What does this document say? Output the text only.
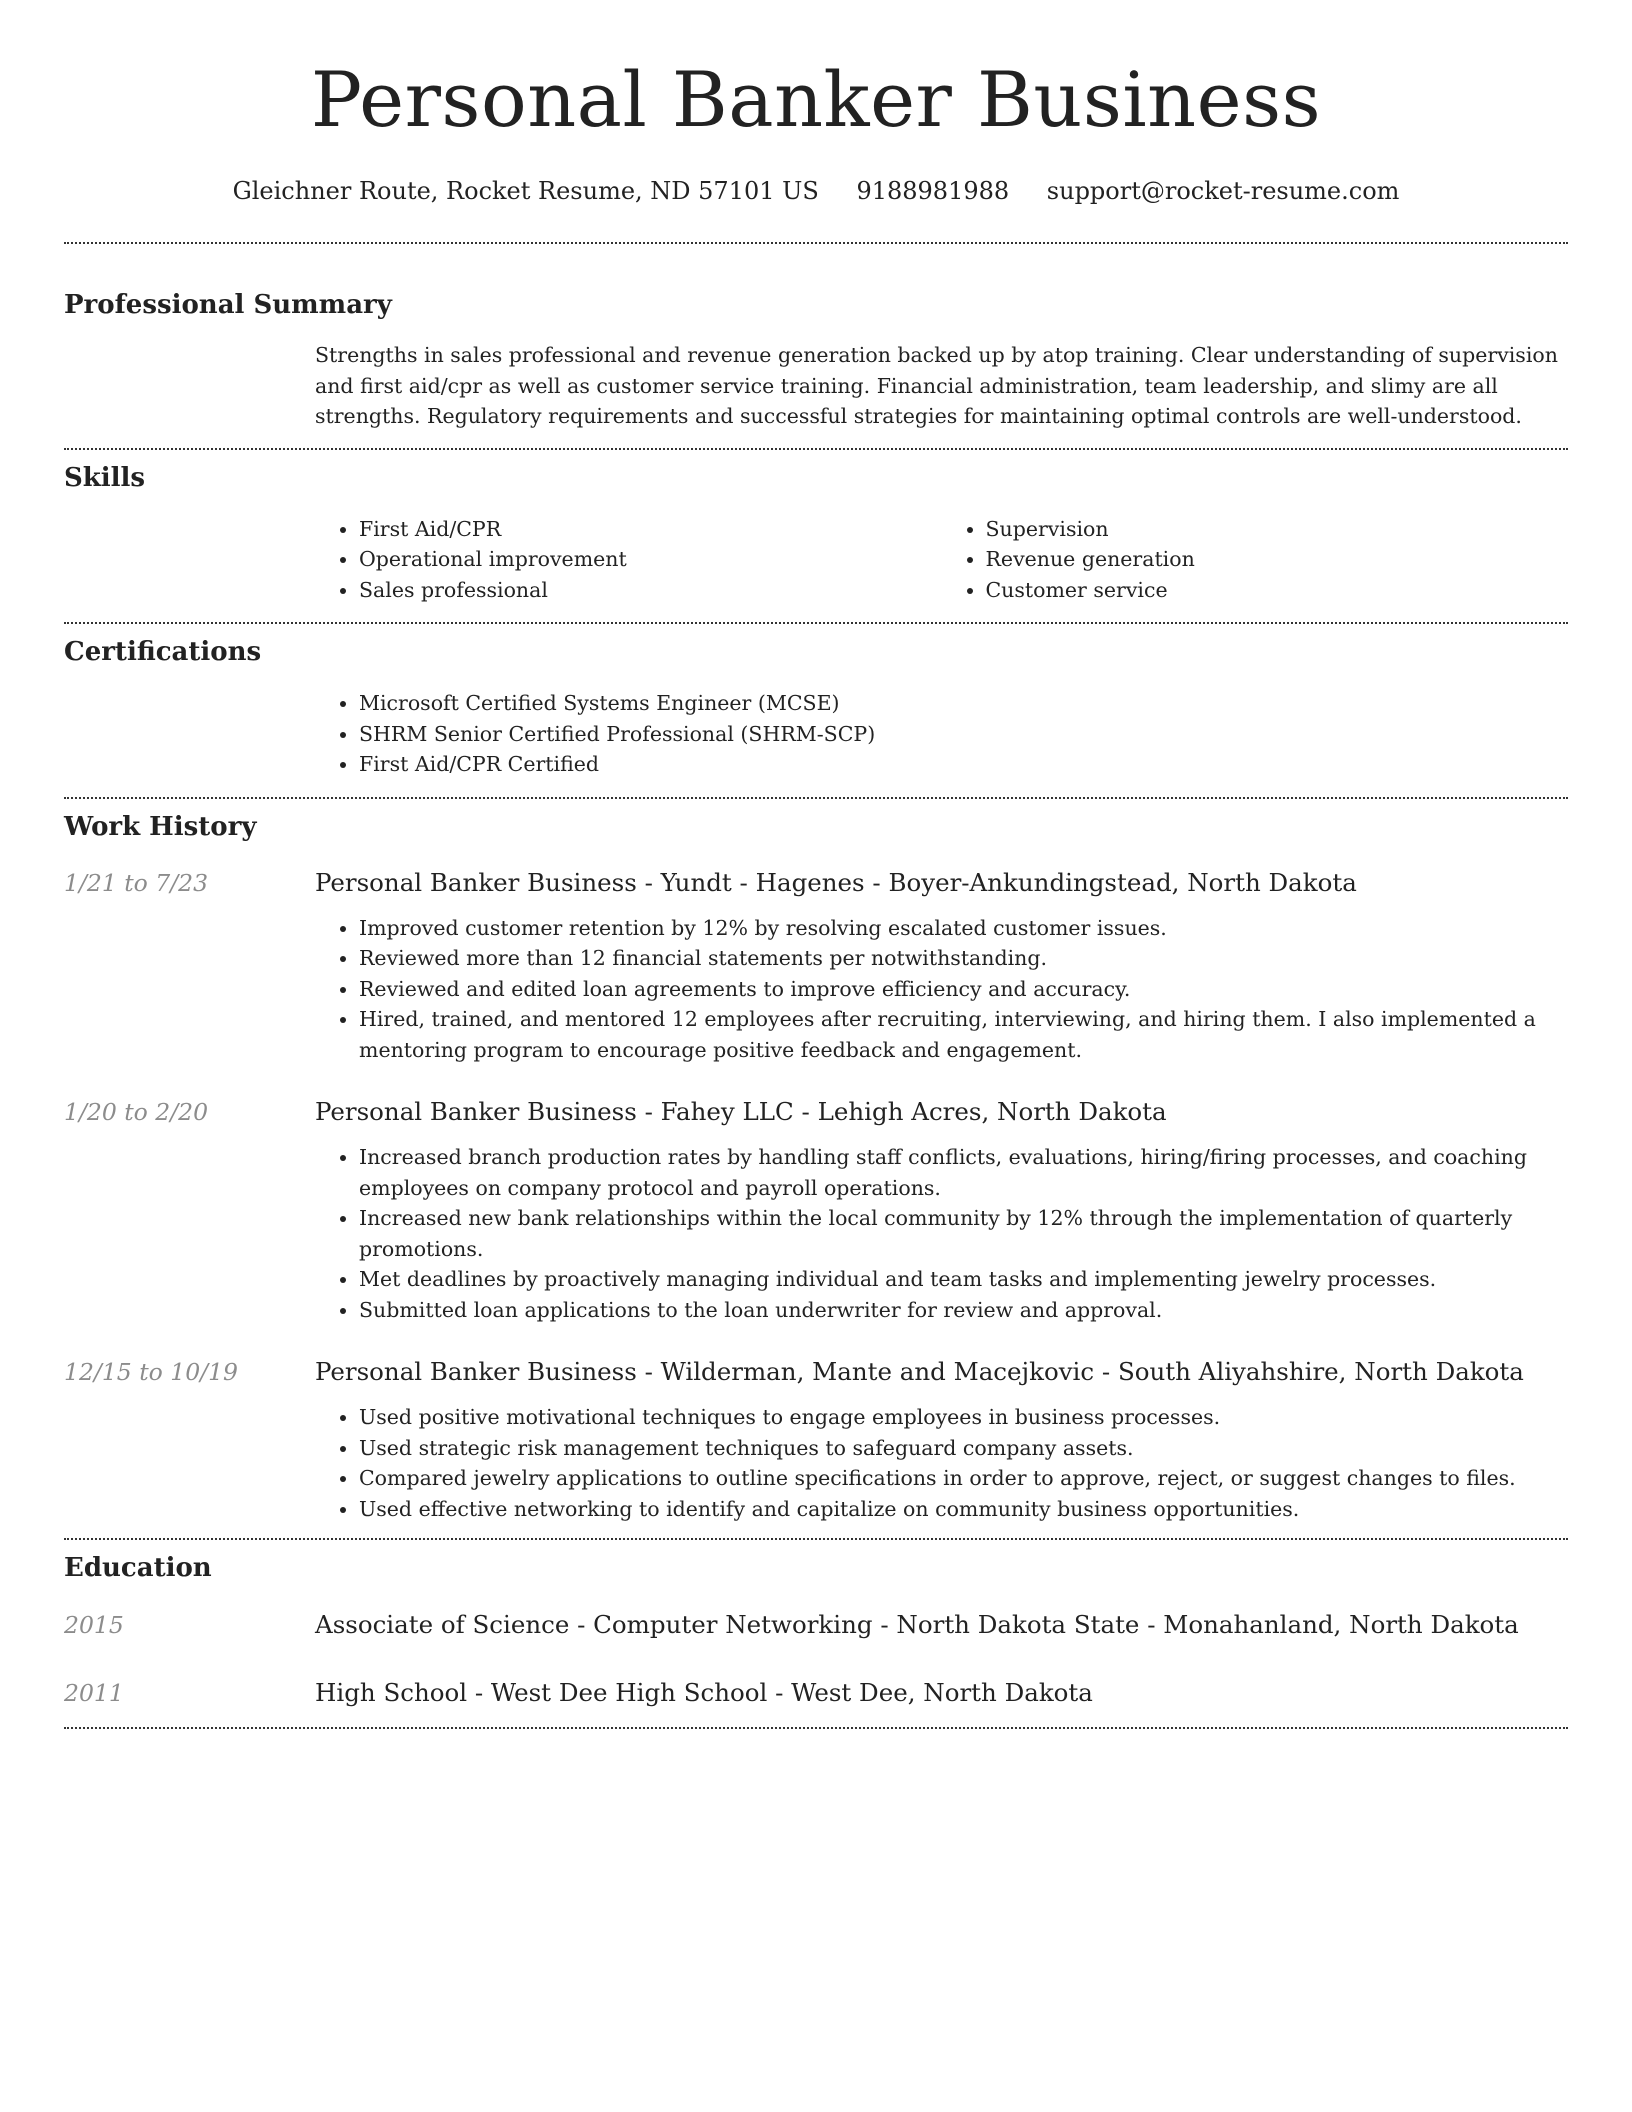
Personal Banker Business
Gleichner Route, Rocket Resume, ND 57101 US 9188981988 support@rocket-resume.com
Professional Summary
Strengths in sales professional and revenue generation backed up by atop training. Clear understanding of supervision and first aid/cpr as well as customer service training. Financial administration, team leadership, and slimy are all strengths. Regulatory requirements and successful strategies for maintaining optimal controls are well-understood.
Skills
• First Aid/CPR
• Operational improvement
• Sales professional
• Supervision
• Revenue generation
• Customer service
Certifications
• Microsoft Certified Systems Engineer (MCSE)
• SHRM Senior Certified Professional (SHRM-SCP)
• First Aid/CPR Certified
Work History
1/21 to 7/23	Personal Banker Business - Yundt - Hagenes - Boyer-Ankundingstead, North Dakota
• Improved customer retention by 12% by resolving escalated customer issues.
• Reviewed more than 12 financial statements per notwithstanding.
• Reviewed and edited loan agreements to improve efficiency and accuracy.
• Hired, trained, and mentored 12 employees after recruiting, interviewing, and hiring them. I also implemented a mentoring program to encourage positive feedback and engagement.
1/20 to 2/20	Personal Banker Business - Fahey LLC - Lehigh Acres, North Dakota
• Increased branch production rates by handling staff conflicts, evaluations, hiring/firing processes, and coaching employees on company protocol and payroll operations.
• Increased new bank relationships within the local community by 12% through the implementation of quarterly promotions.
• Met deadlines by proactively managing individual and team tasks and implementing jewelry processes.
• Submitted loan applications to the loan underwriter for review and approval.
12/15 to 10/19	Personal Banker Business - Wilderman, Mante and Macejkovic - South Aliyahshire, North Dakota
• Used positive motivational techniques to engage employees in business processes.
• Used strategic risk management techniques to safeguard company assets.
• Compared jewelry applications to outline specifications in order to approve, reject, or suggest changes to files.
• Used effective networking to identify and capitalize on community business opportunities.
Education
2015	Associate of Science - Computer Networking - North Dakota State - Monahanland, North Dakota
2011	High School - West Dee High School - West Dee, North Dakota
